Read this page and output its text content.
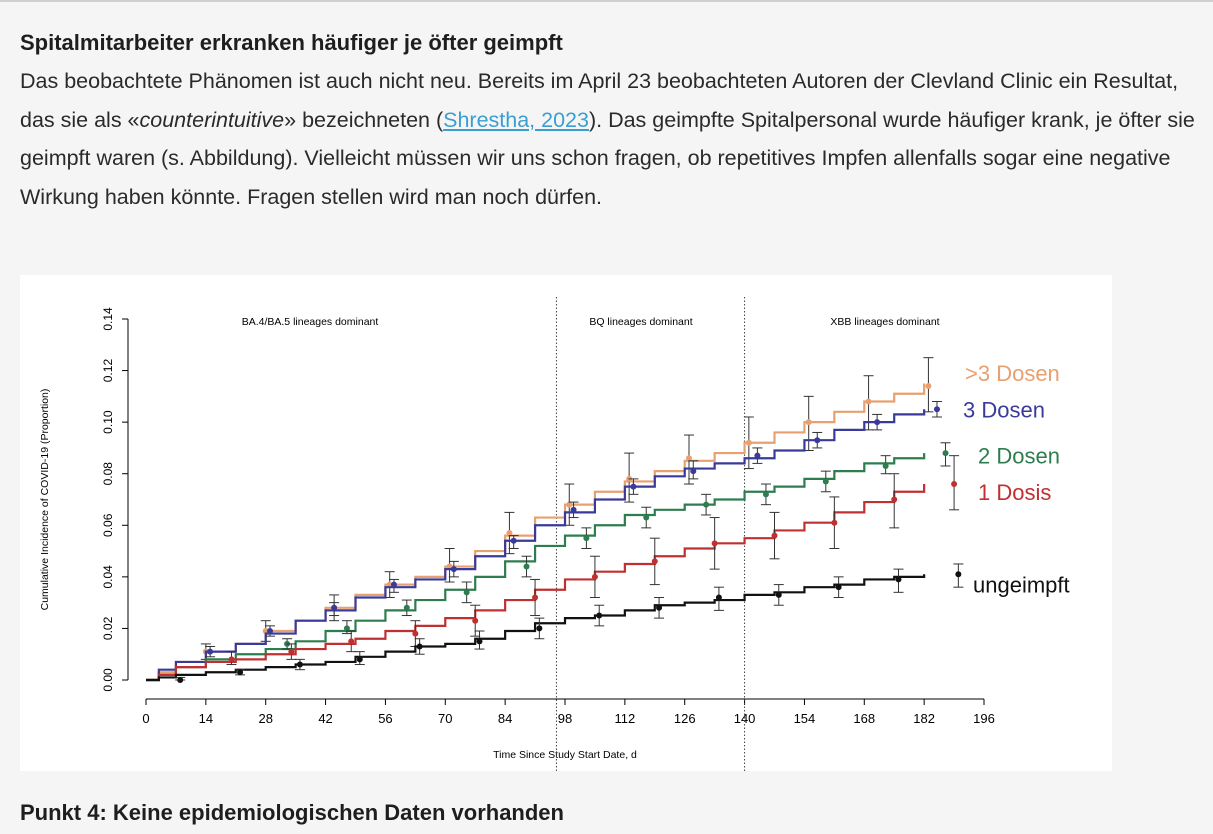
Spitalmitarbeiter erkranken häufiger je öfter geimpft

Das beobachtete Phänomen ist auch nicht neu. Bereits im April 23 beobachteten Autoren der Clevland Clinic ein Resultat, das sie als «counterintuitive» bezeichneten (Shrestha, 2023). Das geimpfte Spitalpersonal wurde häufiger krank, je öfter sie geimpft waren (s. Abbildung). Vielleicht müssen wir uns schon fragen, ob repetitives Impfen allenfalls sogar eine negative Wirkung haben könnte. Fragen stellen wird man noch dürfen.

0	14	28	42	56	70	84	98	112	126	140	154	168	182	196
0.00
0.02
0.04
0.06
0.08
0.10
0.12
0.14
Time Since Study Start Date, d
Cumulative Incidence of COVID-19 (Proportion)
BA.4/BA.5 lineages dominant	BQ lineages dominant	XBB lineages dominant
>3 Dosen
3 Dosen
2 Dosen
1 Dosis
ungeimpft
Punkt 4: Keine epidemiologischen Daten vorhanden
